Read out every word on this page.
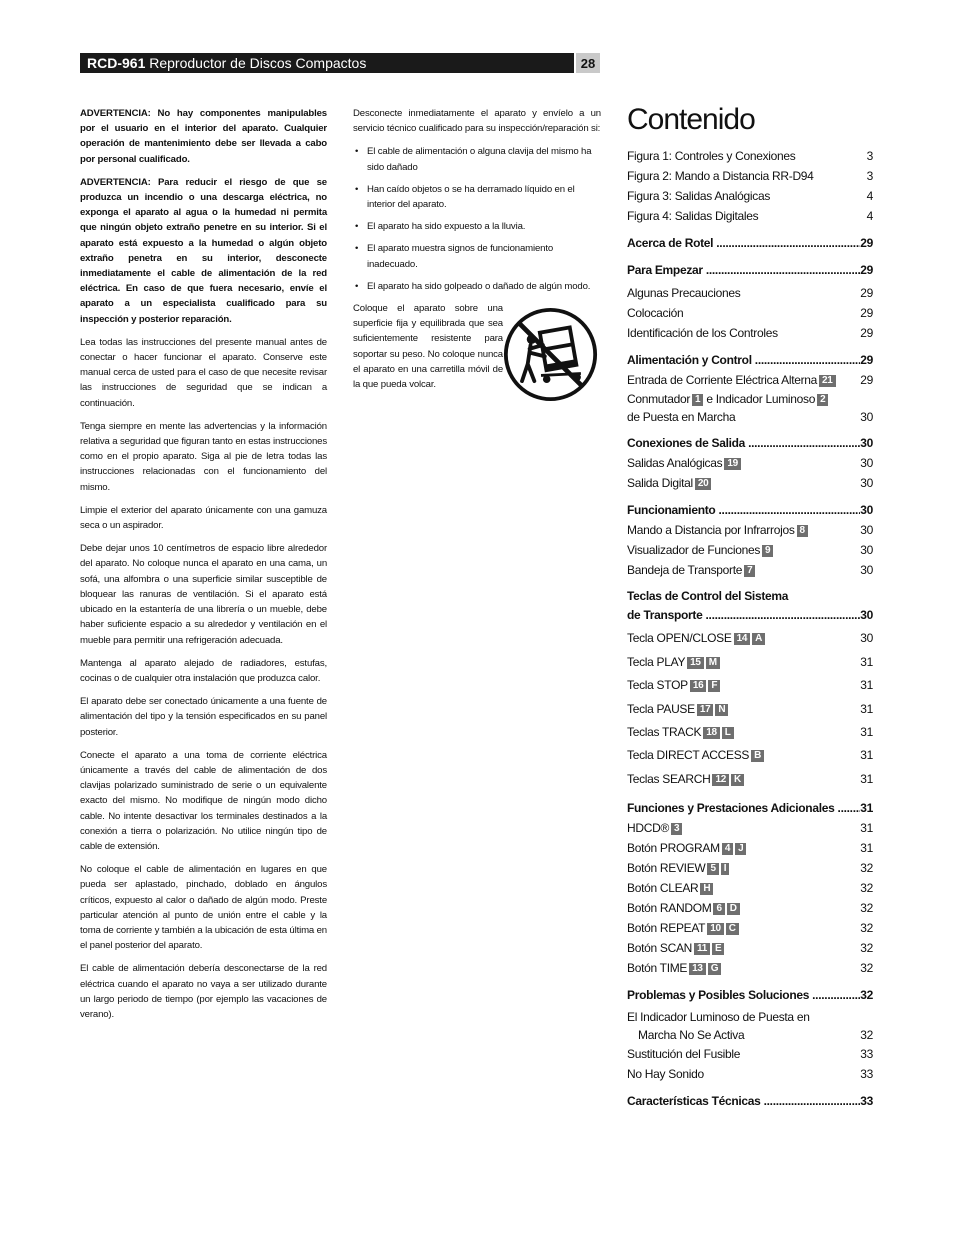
RCD-961 Reproductor de Discos Compactos	28

ADVERTENCIA: No hay componentes manipulables por el usuario en el interior del aparato. Cualquier operación de mantenimiento debe ser llevada a cabo por personal cualificado.

ADVERTENCIA: Para reducir el riesgo de que se produzca un incendio o una descarga eléctrica, no exponga el aparato al agua o la humedad ni permita que ningún objeto extraño penetre en su interior. Si el aparato está expuesto a la humedad o algún objeto extraño penetra en su interior, desconecte inmediatamente el cable de alimentación de la red eléctrica. En caso de que fuera necesario, envíe el aparato a un especialista cualificado para su inspección y posterior reparación.

Lea todas las instrucciones del presente manual antes de conectar o hacer funcionar el aparato. Conserve este manual cerca de usted para el caso de que necesite revisar las instrucciones de seguridad que se indican a continuación.

Tenga siempre en mente las advertencias y la información relativa a seguridad que figuran tanto en estas instrucciones como en el propio aparato. Siga al pie de letra todas las instrucciones relacionadas con el funcionamiento del mismo.

Limpie el exterior del aparato únicamente con una gamuza seca o un aspirador.

Debe dejar unos 10 centímetros de espacio libre alrededor del aparato. No coloque nunca el aparato en una cama, un sofá, una alfombra o una superficie similar susceptible de bloquear las ranuras de ventilación. Si el aparato está ubicado en la estantería de una librería o un mueble, debe haber suficiente espacio a su alrededor y ventilación en el mueble para permitir una refrigeración adecuada.

Mantenga al aparato alejado de radiadores, estufas, cocinas o de cualquier otra instalación que produzca calor.

El aparato debe ser conectado únicamente a una fuente de alimentación del tipo y la tensión especificados en su panel posterior.

Conecte el aparato a una toma de corriente eléctrica únicamente a través del cable de alimentación de dos clavijas polarizado suministrado de serie o un equivalente exacto del mismo. No modifique de ningún modo dicho cable. No intente desactivar los terminales destinados a la conexión a tierra o polarización. No utilice ningún tipo de cable de extensión.

No coloque el cable de alimentación en lugares en que pueda ser aplastado, pinchado, doblado en ángulos críticos, expuesto al calor o dañado de algún modo. Preste particular atención al punto de unión entre el cable y la toma de corriente y también a la ubicación de esta última en el panel posterior del aparato.

El cable de alimentación debería desconectarse de la red eléctrica cuando el aparato no vaya a ser utilizado durante un largo periodo de tiempo (por ejemplo las vacaciones de verano).

Desconecte inmediatamente el aparato y envíelo a un servicio técnico cualificado para su inspección/reparación si:

• El cable de alimentación o alguna clavija del mismo ha sido dañado
• Han caído objetos o se ha derramado líquido en el interior del aparato.
• El aparato ha sido expuesto a la lluvia.
• El aparato muestra signos de funcionamiento inadecuado.
• El aparato ha sido golpeado o dañado de algún modo.

Coloque el aparato sobre una superficie fija y equilibrada que sea suficientemente resistente para soportar su peso. No coloque nunca el aparato en una carretilla móvil de la que pueda volcar.

Contenido
Figura 1: Controles y Conexiones	3
Figura 2: Mando a Distancia RR-D94	3
Figura 3: Salidas Analógicas	4
Figura 4: Salidas Digitales	4
Acerca de Rotel .....	29
Para Empezar .....	29
Algunas Precauciones	29
Colocación	29
Identificación de los Controles	29
Alimentación y Control .....	29
Entrada de Corriente Eléctrica Alterna 21	29
Conmutador 1 e Indicador Luminoso 2
de Puesta en Marcha	30
Conexiones de Salida .....	30
Salidas Analógicas 19	30
Salida Digital 20	30
Funcionamiento .....	30
Mando a Distancia por Infrarrojos 8	30
Visualizador de Funciones 9	30
Bandeja de Transporte 7	30
Teclas de Control del Sistema
de Transporte .....	30
Tecla OPEN/CLOSE 14 A	30
Tecla PLAY 15 M	31
Tecla STOP 16 F	31
Tecla PAUSE 17 N	31
Teclas TRACK 18 L	31
Tecla DIRECT ACCESS B	31
Teclas SEARCH 12 K	31
Funciones y Prestaciones Adicionales .....	31
HDCD® 3	31
Botón PROGRAM 4 J	31
Botón REVIEW 5 I	32
Botón CLEAR H	32
Botón RANDOM 6 D	32
Botón REPEAT 10 C	32
Botón SCAN 11 E	32
Botón TIME 13 G	32
Problemas y Posibles Soluciones .....	32
El Indicador Luminoso de Puesta en
Marcha No Se Activa	32
Sustitución del Fusible	33
No Hay Sonido	33
Características Técnicas .....	33
